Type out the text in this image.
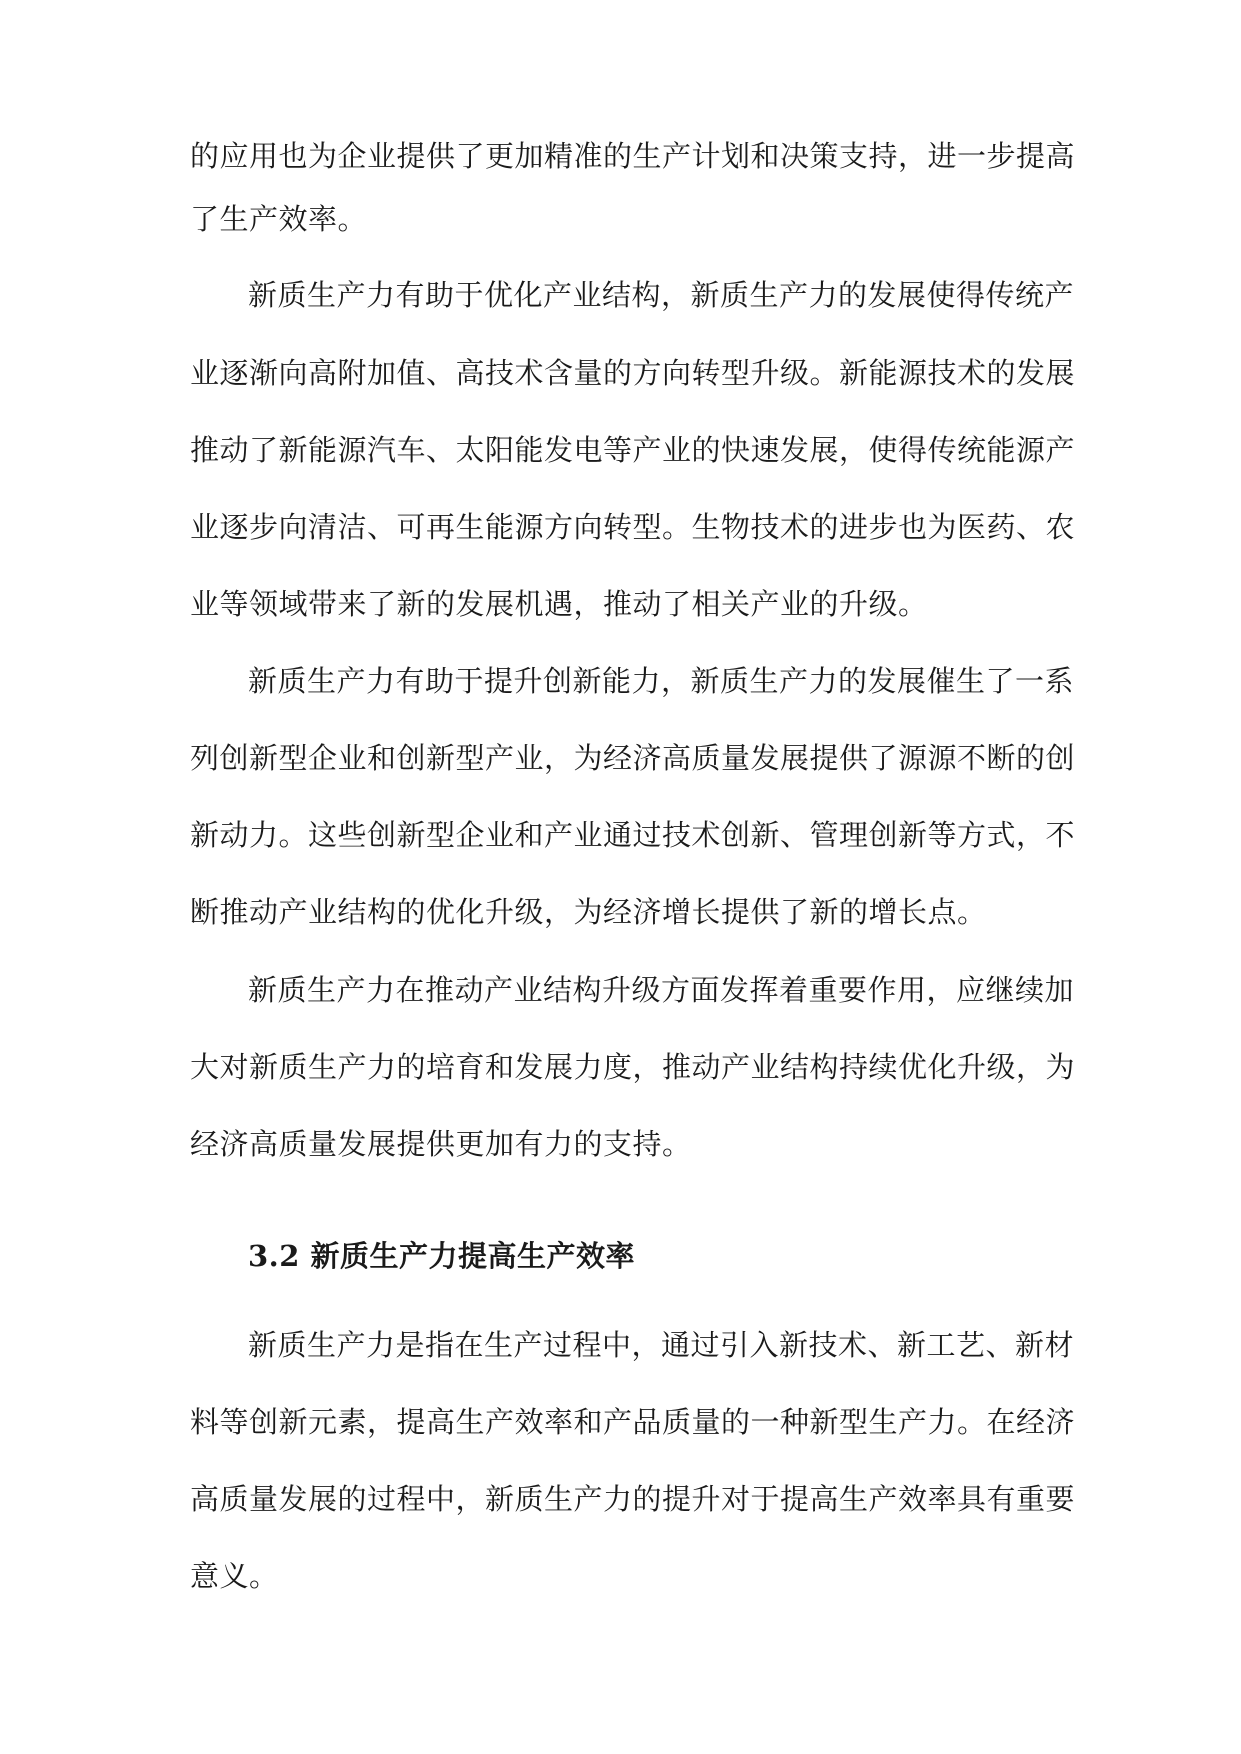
的应用也为企业提供了更加精准的生产计划和决策支持，进一步提高
了生产效率。
新质生产力有助于优化产业结构，新质生产力的发展使得传统产
业逐渐向高附加值、高技术含量的方向转型升级。新能源技术的发展
推动了新能源汽车、太阳能发电等产业的快速发展，使得传统能源产
业逐步向清洁、可再生能源方向转型。生物技术的进步也为医药、农
业等领域带来了新的发展机遇，推动了相关产业的升级。
新质生产力有助于提升创新能力，新质生产力的发展催生了一系
列创新型企业和创新型产业，为经济高质量发展提供了源源不断的创
新动力。这些创新型企业和产业通过技术创新、管理创新等方式，不
断推动产业结构的优化升级，为经济增长提供了新的增长点。
新质生产力在推动产业结构升级方面发挥着重要作用，应继续加
大对新质生产力的培育和发展力度，推动产业结构持续优化升级，为
经济高质量发展提供更加有力的支持。
3.2 新质生产力提高生产效率
新质生产力是指在生产过程中，通过引入新技术、新工艺、新材
料等创新元素，提高生产效率和产品质量的一种新型生产力。在经济
高质量发展的过程中，新质生产力的提升对于提高生产效率具有重要
意义。
